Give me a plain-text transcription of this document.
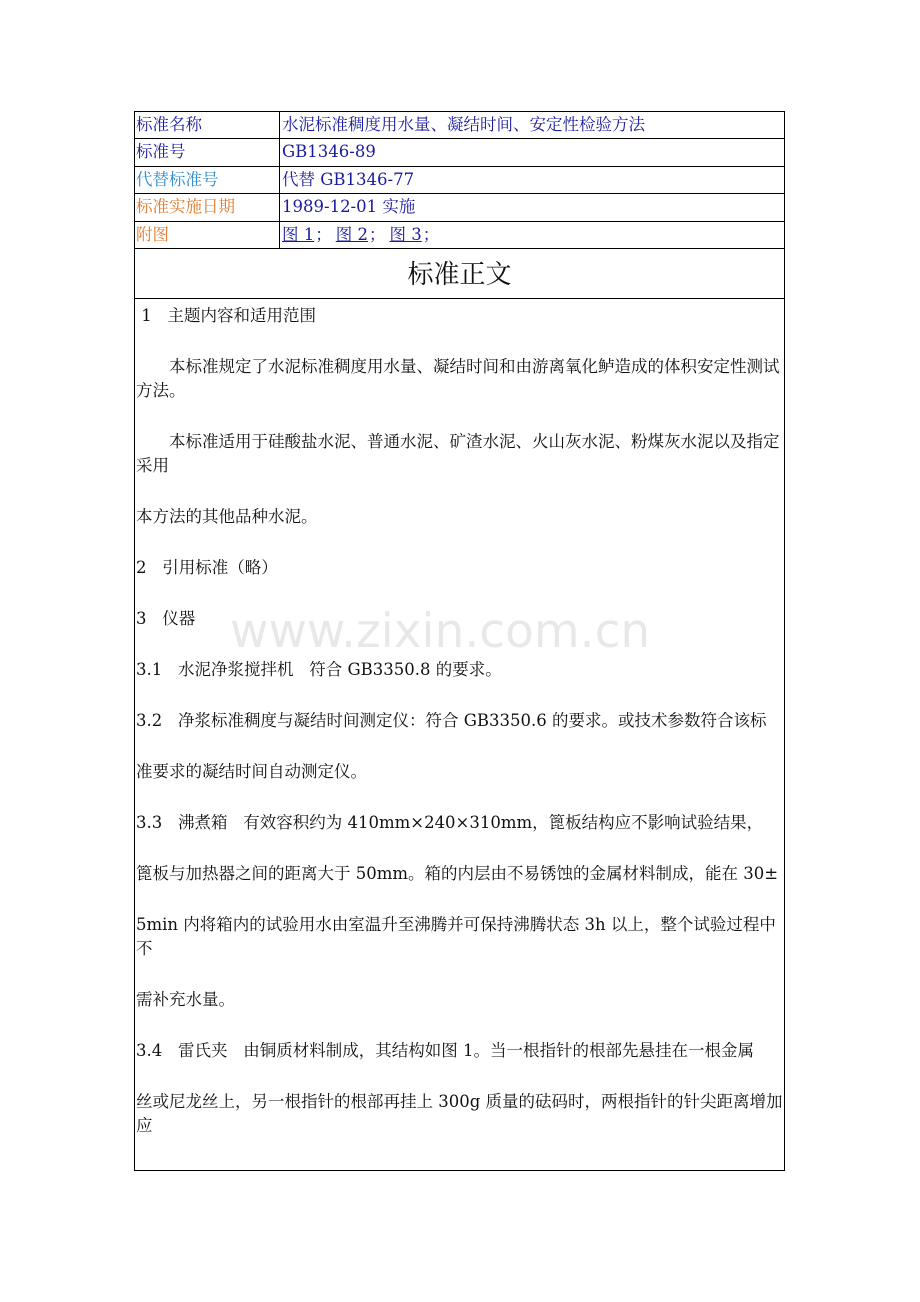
标准名称	水泥标准稠度用水量、凝结时间、安定性检验方法
标准号	GB1346-89
代替标准号	代替 GB1346-77
标准实施日期	1989-12-01 实施
附图	图 1； 图 2； 图 3；
标准正文

1   主题内容和适用范围

本标准规定了水泥标准稠度用水量、凝结时间和由游离氧化鲈造成的体积安定性测试方法。

本标准适用于硅酸盐水泥、普通水泥、矿渣水泥、火山灰水泥、粉煤灰水泥以及指定采用

本方法的其他品种水泥。

2   引用标准（略）

3   仪器

3.1   水泥净浆搅拌机   符合 GB3350.8 的要求。

3.2   净浆标准稠度与凝结时间测定仪：符合 GB3350.6 的要求。或技术参数符合该标

准要求的凝结时间自动测定仪。

3.3   沸煮箱   有效容积约为 410mm×240×310mm，篦板结构应不影响试验结果，

篦板与加热器之间的距离大于 50mm。箱的内层由不易锈蚀的金属材料制成，能在 30±

5min 内将箱内的试验用水由室温升至沸腾并可保持沸腾状态 3h 以上，整个试验过程中不

需补充水量。

3.4   雷氏夹   由铜质材料制成，其结构如图 1。当一根指针的根部先悬挂在一根金属

丝或尼龙丝上，另一根指针的根部再挂上 300g 质量的砝码时，两根指针的针尖距离增加应

www.zixin.com.cn
